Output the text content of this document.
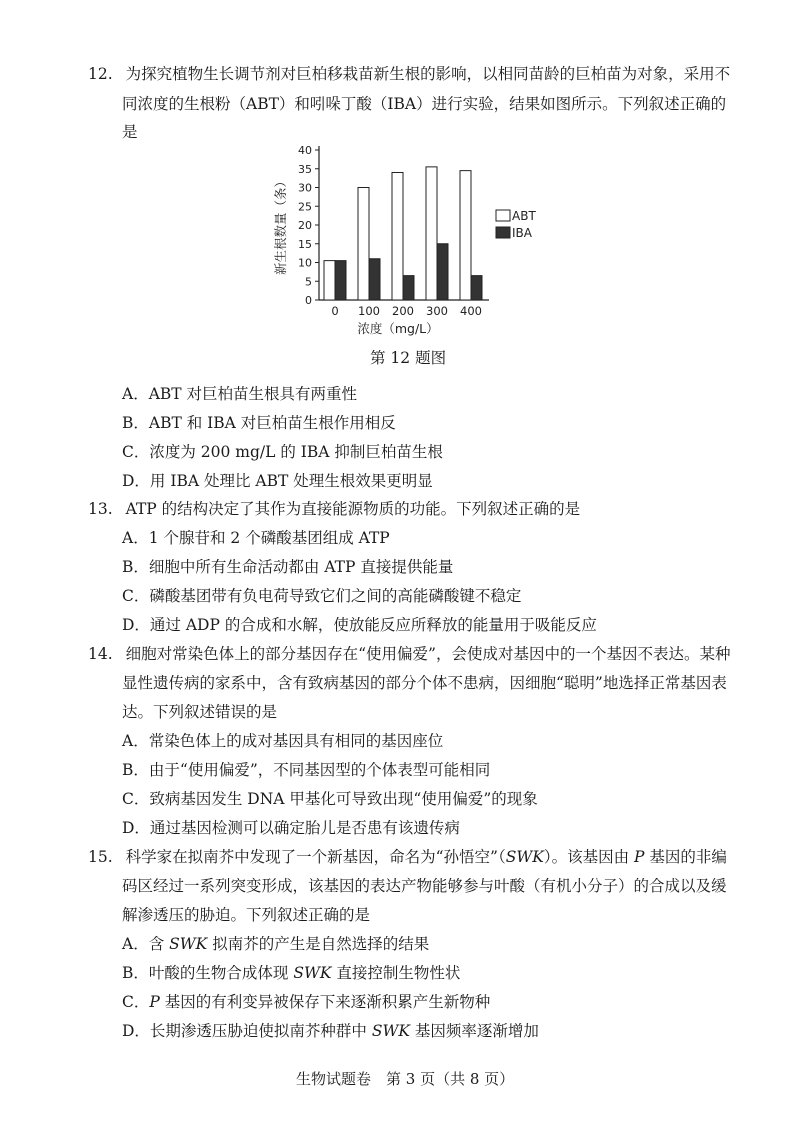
12. 为探究植物生长调节剂对巨柏移栽苗新生根的影响，以相同苗龄的巨柏苗为对象，采用不
同浓度的生根粉（ABT）和吲哚丁酸（IBA）进行实验，结果如图所示。下列叙述正确的
是
0
5
10
15
20
25
30
35
40
0 100 200 300 400
浓度（mg/L）
新生根数量（条）	ABT
IBA
第 12 题图
A．ABT 对巨柏苗生根具有两重性
B．ABT 和 IBA 对巨柏苗生根作用相反
C．浓度为 200 mg/L 的 IBA 抑制巨柏苗生根
D．用 IBA 处理比 ABT 处理生根效果更明显
13. ATP 的结构决定了其作为直接能源物质的功能。下列叙述正确的是
A．1 个腺苷和 2 个磷酸基团组成 ATP
B．细胞中所有生命活动都由 ATP 直接提供能量
C．磷酸基团带有负电荷导致它们之间的高能磷酸键不稳定
D．通过 ADP 的合成和水解，使放能反应所释放的能量用于吸能反应
14. 细胞对常染色体上的部分基因存在“使用偏爱”，会使成对基因中的一个基因不表达。某种
显性遗传病的家系中，含有致病基因的部分个体不患病，因细胞“聪明”地选择正常基因表
达。下列叙述错误的是
A．常染色体上的成对基因具有相同的基因座位
B．由于“使用偏爱”，不同基因型的个体表型可能相同
C．致病基因发生 DNA 甲基化可导致出现“使用偏爱”的现象
D．通过基因检测可以确定胎儿是否患有该遗传病
15. 科学家在拟南芥中发现了一个新基因，命名为“孙悟空”（SWK）。该基因由 P 基因的非编
码区经过一系列突变形成，该基因的表达产物能够参与叶酸（有机小分子）的合成以及缓
解渗透压的胁迫。下列叙述正确的是
A．含 SWK 拟南芥的产生是自然选择的结果
B．叶酸的生物合成体现 SWK 直接控制生物性状
C．P 基因的有利变异被保存下来逐渐积累产生新物种
D．长期渗透压胁迫使拟南芥种群中 SWK 基因频率逐渐增加
生物试题卷　第 3 页（共 8 页）
